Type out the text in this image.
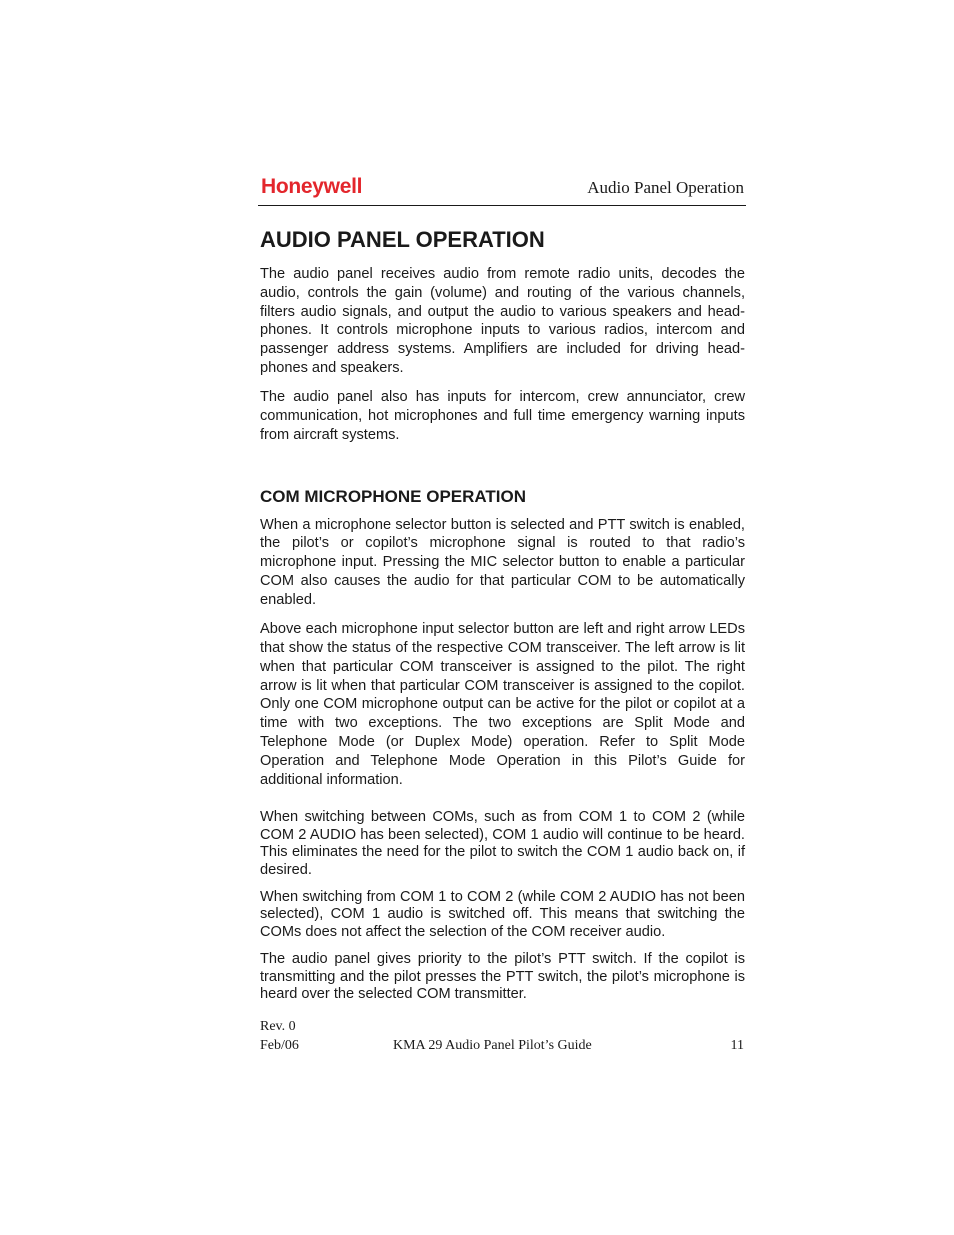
Honeywell	Audio Panel Operation
AUDIO PANEL OPERATION

The audio panel receives audio from remote radio units, decodes the audio, controls the gain (volume) and routing of the various channels, filters audio signals, and output the audio to various speakers and head-phones. It controls microphone inputs to various radios, intercom and passenger address systems. Amplifiers are included for driving head-phones and speakers.

The audio panel also has inputs for intercom, crew annunciator, crew communication, hot microphones and full time emergency warning inputs from aircraft systems.

COM MICROPHONE OPERATION

When a microphone selector button is selected and PTT switch is enabled, the pilot’s or copilot’s microphone signal is routed to that radio’s microphone input. Pressing the MIC selector button to enable a particular COM also causes the audio for that particular COM to be automatically enabled.

Above each microphone input selector button are left and right arrow LEDs that show the status of the respective COM transceiver. The left arrow is lit when that particular COM transceiver is assigned to the pilot. The right arrow is lit when that particular COM transceiver is assigned to the copilot. Only one COM microphone output can be active for the pilot or copilot at a time with two exceptions. The two exceptions are Split Mode and Telephone Mode (or Duplex Mode) operation. Refer to Split Mode Operation and Telephone Mode Operation in this Pilot’s Guide for additional information.

When switching between COMs, such as from COM 1 to COM 2 (while COM 2 AUDIO has been selected), COM 1 audio will continue to be heard. This eliminates the need for the pilot to switch the COM 1 audio back on, if desired.

When switching from COM 1 to COM 2 (while COM 2 AUDIO has not been selected), COM 1 audio is switched off. This means that switching the COMs does not affect the selection of the COM receiver audio.

The audio panel gives priority to the pilot’s PTT switch. If the copilot is transmitting and the pilot presses the PTT switch, the pilot’s microphone is heard over the selected COM transmitter.

Rev. 0
Feb/06	KMA 29 Audio Panel Pilot’s Guide	11
